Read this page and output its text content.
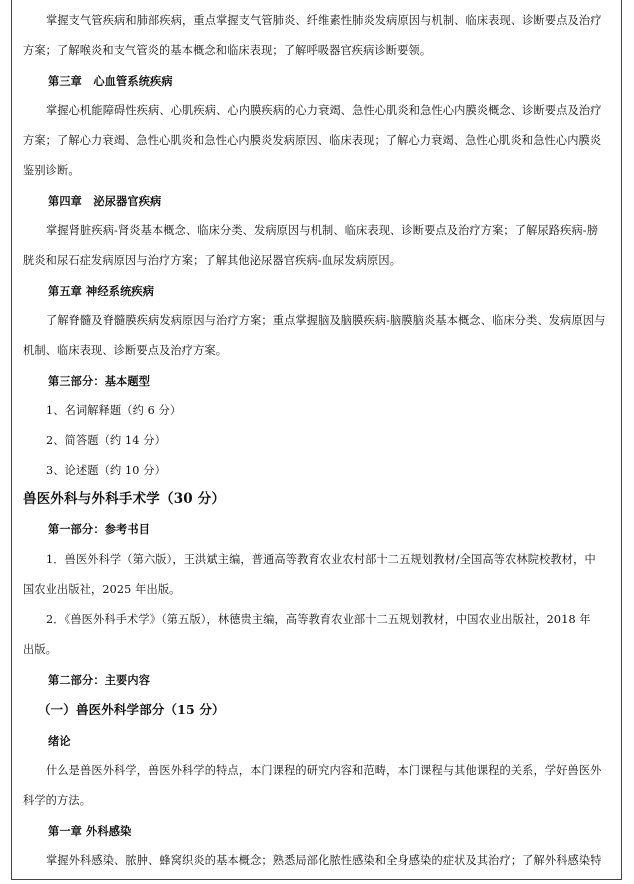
掌握支气管疾病和肺部疾病，重点掌握支气管肺炎、纤维素性肺炎发病原因与机制、临床表现、诊断要点及治疗
方案；了解喉炎和支气管炎的基本概念和临床表现；了解呼吸器官疾病诊断要领。
第三章　心血管系统疾病
掌握心机能障碍性疾病、心肌疾病、心内膜疾病的心力衰竭、急性心肌炎和急性心内膜炎概念、诊断要点及治疗
方案；了解心力衰竭、急性心肌炎和急性心内膜炎发病原因、临床表现；了解心力衰竭、急性心肌炎和急性心内膜炎
鉴别诊断。
第四章　泌尿器官疾病
掌握肾脏疾病-肾炎基本概念、临床分类、发病原因与机制、临床表现、诊断要点及治疗方案；了解尿路疾病-膀
胱炎和尿石症发病原因与治疗方案；了解其他泌尿器官疾病-血尿发病原因。
第五章 神经系统疾病
了解脊髓及脊髓膜疾病发病原因与治疗方案；重点掌握脑及脑膜疾病-脑膜脑炎基本概念、临床分类、发病原因与
机制、临床表现、诊断要点及治疗方案。
第三部分：基本题型
1、名词解释题（约 6 分）
2、简答题（约 14 分）
3、论述题（约 10 分）
兽医外科与外科手术学（30 分）
第一部分：参考书目
1．兽医外科学（第六版），王洪斌主编，普通高等教育农业农村部十二五规划教材/全国高等农林院校教材，中
国农业出版社，2025 年出版。
2．《兽医外科手术学》（第五版），林德贵主编，高等教育农业部十二五规划教材，中国农业出版社，2018 年
出版。
第二部分：主要内容
（一）兽医外科学部分（15 分）
绪论
什么是兽医外科学，兽医外科学的特点，本门课程的研究内容和范畴，本门课程与其他课程的关系，学好兽医外
科学的方法。
第一章 外科感染
掌握外科感染、脓肿、蜂窝织炎的基本概念；熟悉局部化脓性感染和全身感染的症状及其治疗；了解外科感染特
